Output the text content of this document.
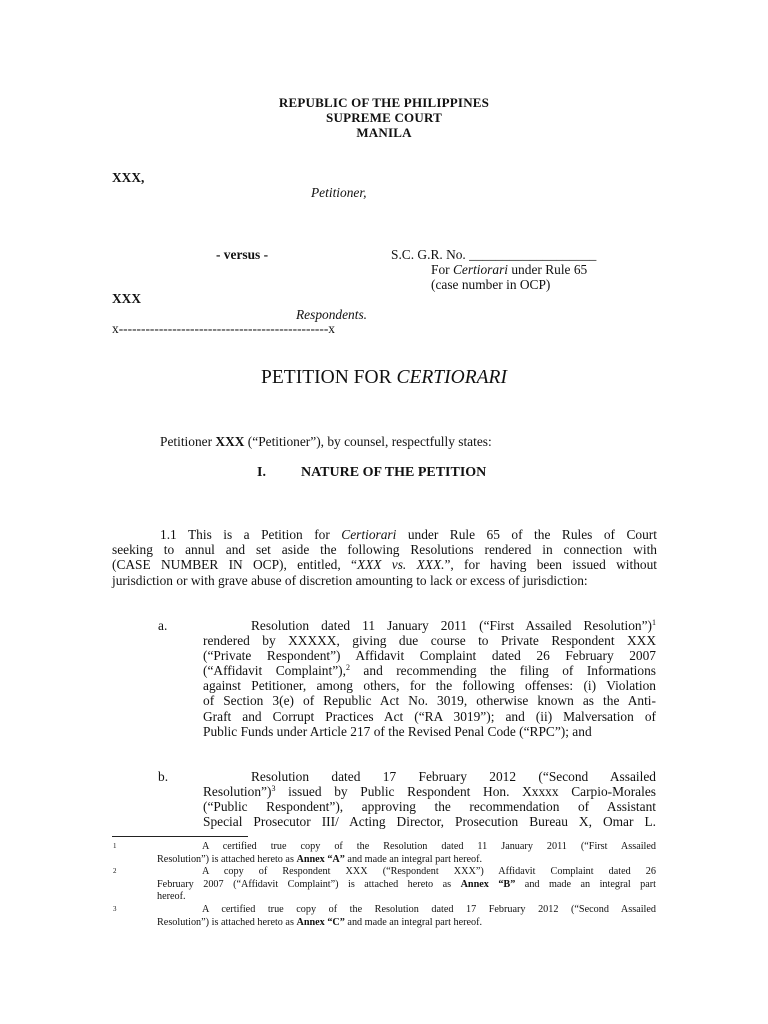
REPUBLIC OF THE PHILIPPINES
SUPREME COURT
MANILA
XXX,
Petitioner,
- versus -	S.C. G.R. No. ___________________
For Certiorari under Rule 65
(case number in OCP)
XXX
Respondents.
x-----------------------------------------------x
PETITION FOR CERTIORARI
Petitioner XXX (“Petitioner”), by counsel, respectfully states:
I.	NATURE OF THE PETITION
1.1 This is a Petition for Certiorari under Rule 65 of the Rules of Court
seeking to annul and set aside the following Resolutions rendered in connection with
(CASE NUMBER IN OCP), entitled, “XXX vs. XXX.”, for having been issued without
jurisdiction or with grave abuse of discretion amounting to lack or excess of jurisdiction:
a.	Resolution dated 11 January 2011 (“First Assailed Resolution”)$^1$
rendered by XXXXX, giving due course to Private Respondent XXX
(“Private Respondent”) Affidavit Complaint dated 26 February 2007
(“Affidavit Complaint”),$^2$ and recommending the filing of Informations
against Petitioner, among others, for the following offenses: (i) Violation
of Section 3(e) of Republic Act No. 3019, otherwise known as the Anti-
Graft and Corrupt Practices Act (“RA 3019”); and (ii) Malversation of
Public Funds under Article 217 of the Revised Penal Code (“RPC”); and
b.	Resolution dated 17 February 2012 (“Second Assailed
Resolution”)$^3$ issued by Public Respondent Hon. Xxxxx Carpio-Morales
(“Public Respondent”), approving the recommendation of Assistant
Special Prosecutor III/ Acting Director, Prosecution Bureau X, Omar L.
1	A certified true copy of the Resolution dated 11 January 2011 (“First Assailed
Resolution”) is attached hereto as Annex “A” and made an integral part hereof.
2	A copy of Respondent XXX (“Respondent XXX”) Affidavit Complaint dated 26
February 2007 (“Affidavit Complaint”) is attached hereto as Annex “B” and made an integral part
hereof.
3	A certified true copy of the Resolution dated 17 February 2012 (“Second Assailed
Resolution”) is attached hereto as Annex “C” and made an integral part hereof.
